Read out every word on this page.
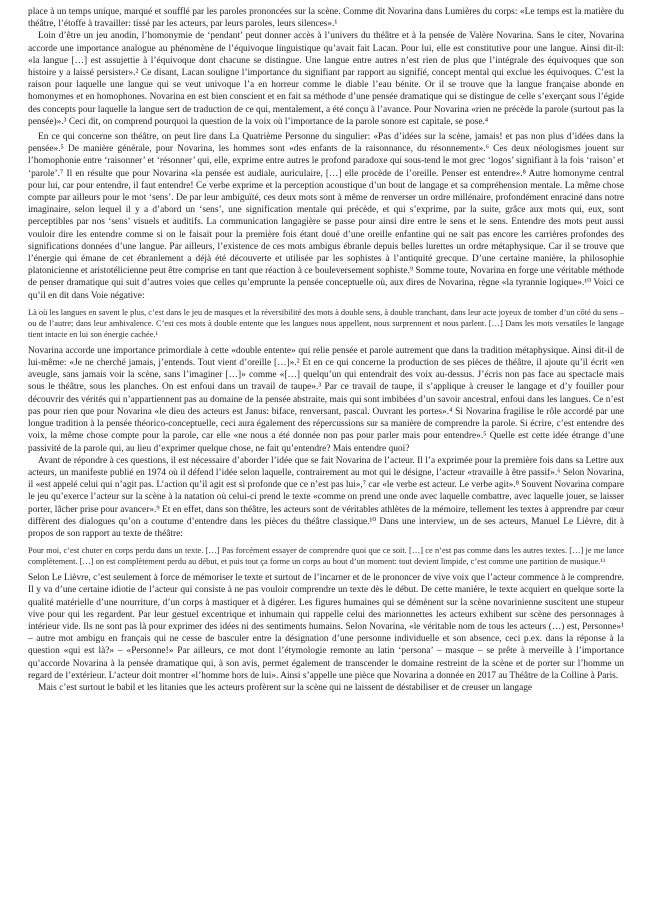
place à un temps unique, marqué et soufflé par les paroles prononcées sur la scène. Comme dit Novarina dans Lumières du corps: «Le temps est la matière du théâtre, l’étoffe à travailler: tissé par les acteurs, par leurs paroles, leurs silences».¹

Loin d’être un jeu anodin, l’homonymie de ‘pendant’ peut donner accès à l’univers du théâtre et à la pensée de Valère Novarina. Sans le citer, Novarina accorde une importance analogue au phénomène de l’équivoque linguistique qu’avait fait Lacan. Pour lui, elle est constitutive pour une langue. Ainsi dit-il: «la langue […] est assujettie à l’équivoque dont chacune se distingue. Une langue entre autres n’est rien de plus que l’intégrale des équivoques que son histoire y a laissé persister».² Ce disant, Lacan souligne l’importance du signifiant par rapport au signifié, concept mental qui exclue les équivoques. C’est la raison pour laquelle une langue qui se veut univoque l’a en horreur comme le diable l’eau bénite. Or il se trouve que la langue française abonde en homonymes et en homophones. Novarina en est bien conscient et en fait sa méthode d’une pensée dramatique qui se distingue de celle s’exerçant sous l’égide des concepts pour laquelle la langue sert de traduction de ce qui, mentalement, a été conçu à l’avance. Pour Novarina «rien ne précède la parole (surtout pas la pensée)».³ Ceci dit, on comprend pourquoi la question de la voix où l’importance de la parole sonore est capitale, se pose.⁴

En ce qui concerne son théâtre, on peut lire dans La Quatrième Personne du singulier: «Pas d’idées sur la scène, jamais! et pas non plus d’idées dans la pensée».⁵ De manière générale, pour Novarina, les hommes sont «des enfants de la raisonnance, du résonnement».⁶ Ces deux néologismes jouent sur l’homophonie entre ‘raisonner’ et ‘résonner’ qui, elle, exprime entre autres le profond paradoxe qui sous-tend le mot grec ‘logos’ signifiant à la fois ‘raison’ et ‘parole’.⁷ Il en résulte que pour Novarina «la pensée est audiale, auriculaire, […] elle procède de l’oreille. Penser est entendre».⁸ Autre homonyme central pour lui, car pour entendre, il faut entendre! Ce verbe exprime et la perception acoustique d’un bout de langage et sa compréhension mentale. La même chose compte par ailleurs pour le mot ‘sens’. De par leur ambiguïté, ces deux mots sont à même de renverser un ordre millénaire, profondément enraciné dans notre imaginaire, selon lequel il y a d’abord un ‘sens’, une signification mentale qui précède, et qui s’exprime, par la suite, grâce aux mots qui, eux, sont perceptibles par nos ‘sens’ visuels et auditifs. La communication langagière se passe pour ainsi dire entre le sens et le sens. Entendre des mots peut aussi vouloir dire les entendre comme si on le faisait pour la première fois étant doué d’une oreille enfantine qui ne sait pas encore les carrières profondes des significations données d’une langue. Par ailleurs, l’existence de ces mots ambigus ébranle depuis belles lurettes un ordre métaphysique. Car il se trouve que l’énergie qui émane de cet ébranlement a déjà été découverte et utilisée par les sophistes à l’antiquité grecque. D’une certaine manière, la philosophie platonicienne et aristotélicienne peut être comprise en tant que réaction à ce bouleversement sophiste.⁹ Somme toute, Novarina en forge une véritable méthode de penser dramatique qui suit d’autres voies que celles qu’emprunte la pensée conceptuelle où, aux dires de Novarina, règne «la tyrannie logique».¹⁰ Voici ce qu’il en dit dans Voie négative:

Là où les langues en savent le plus, c’est dans le jeu de masques et la réversibilité des mots à double sens, à double tranchant, dans leur acte joyeux de tomber d’un côté du sens – ou de l’autre; dans leur ambivalence. C’est ces mots à double entente que les langues nous appellent, nous surprennent et nous parlent. […] Dans les mots versatiles le langage tient intacte en lui son énergie cachée.¹

Novarina accorde une importance primordiale à cette «double entente» qui relie pensée et parole autrement que dans la tradition métaphysique. Ainsi dit-il de lui-même: «Je ne cherché jamais, j’entends. Tout vient d’oreille […]».² Et en ce qui concerne la production de ses pièces de théâtre, il ajoute qu’il écrit «en aveugle, sans jamais voir la scène, sans l’imaginer […]» comme «[…] quelqu’un qui entendrait des voix au-dessus. J’écris non pas face au spectacle mais sous le théâtre, sous les planches. On est enfoui dans un travail de taupe».³ Par ce travail de taupe, il s’applique à creuser le langage et d’y fouiller pour découvrir des vérités qui n’appartiennent pas au domaine de la pensée abstraite, mais qui sont imbibées d’un savoir ancestral, enfoui dans les langues. Ce n’est pas pour rien que pour Novarina «le dieu des acteurs est Janus: biface, renversant, pascal. Ouvrant les portes».⁴ Si Novarina fragilise le rôle accordé par une longue tradition à la pensée théorico-conceptuelle, ceci aura également des répercussions sur sa manière de comprendre la parole. Si écrire, c’est entendre des voix, la même chose compte pour la parole, car elle «ne nous a été donnée non pas pour parler mais pour entendre».⁵ Quelle est cette idée étrange d’une passivité de la parole qui, au lieu d’exprimer quelque chose, ne fait qu’entendre? Mais entendre quoi?

Avant de répondre à ces questions, il est nécessaire d’aborder l’idée que se fait Novarina de l’acteur. Il l’a exprimée pour la première fois dans sa Lettre aux acteurs, un manifeste publié en 1974 où il défend l’idée selon laquelle, contrairement au mot qui le désigne, l’acteur «travaille à être passif».⁶ Selon Novarina, il «est appelé celui qui n’agit pas. L’action qu’il agit est si profonde que ce n’est pas lui»,⁷ car «le verbe est acteur. Le verbe agit».⁸ Souvent Novarina compare le jeu qu’exerce l’acteur sur la scène à la natation où celui-ci prend le texte «comme on prend une onde avec laquelle combattre, avec laquelle jouer, se laisser porter, lâcher prise pour avancer».⁹ Et en effet, dans son théâtre, les acteurs sont de véritables athlètes de la mémoire, tellement les textes à apprendre par cœur diffèrent des dialogues qu’on a coutume d’entendre dans les pièces du théâtre classique.¹⁰ Dans une interview, un de ses acteurs, Manuel Le Lièvre, dit à propos de son rapport au texte de théâtre:

Pour moi, c’est chuter en corps perdu dans un texte. […] Pas forcément essayer de comprendre quoi que ce soit. […] ce n’est pas comme dans les autres textes. […] je me lance complètement. […] on est complètement perdu au début, et puis tout ça forme un corps au bout d’un moment: tout devient limpide, c’est comme une partition de musique.¹¹

Selon Le Lièvre, c’est seulement à force de mémoriser le texte et surtout de l’incarner et de le prononcer de vive voix que l’acteur commence à le comprendre. Il y va d’une certaine idiotie de l’acteur qui consiste à ne pas vouloir comprendre un texte dès le début. De cette manière, le texte acquiert en quelque sorte la qualité matérielle d’une nourriture, d’un corps à mastiquer et à digérer. Les figures humaines qui se démènent sur la scène novarinienne suscitent une stupeur vive pour qui les regardent. Par leur gestuel excentrique et inhumain qui rappelle celui des marionnettes les acteurs exhibent sur scène des personnages à intérieur vide. Ils ne sont pas là pour exprimer des idées ni des sentiments humains. Selon Novarina, «le véritable nom de tous les acteurs (…) est, Personne»¹ – autre mot ambigu en français qui ne cesse de basculer entre la désignation d’une personne individuelle et son absence, ceci p.ex. dans la réponse à la question «qui est là?» – «Personne!» Par ailleurs, ce mot dont l’étymologie remonte au latin ‘persona’ – masque – se prête à merveille à l’importance qu’accorde Novarina à la pensée dramatique qui, à son avis, permet également de transcender le domaine restreint de la scène et de porter sur l’homme un regard de l’extérieur. L’acteur doit montrer «l’homme hors de lui». Ainsi s’appelle une pièce que Novarina a donnée en 2017 au Théâtre de la Colline à Paris.

Mais c’est surtout le babil et les litanies que les acteurs profèrent sur la scène qui ne laissent de déstabiliser et de creuser un langage
